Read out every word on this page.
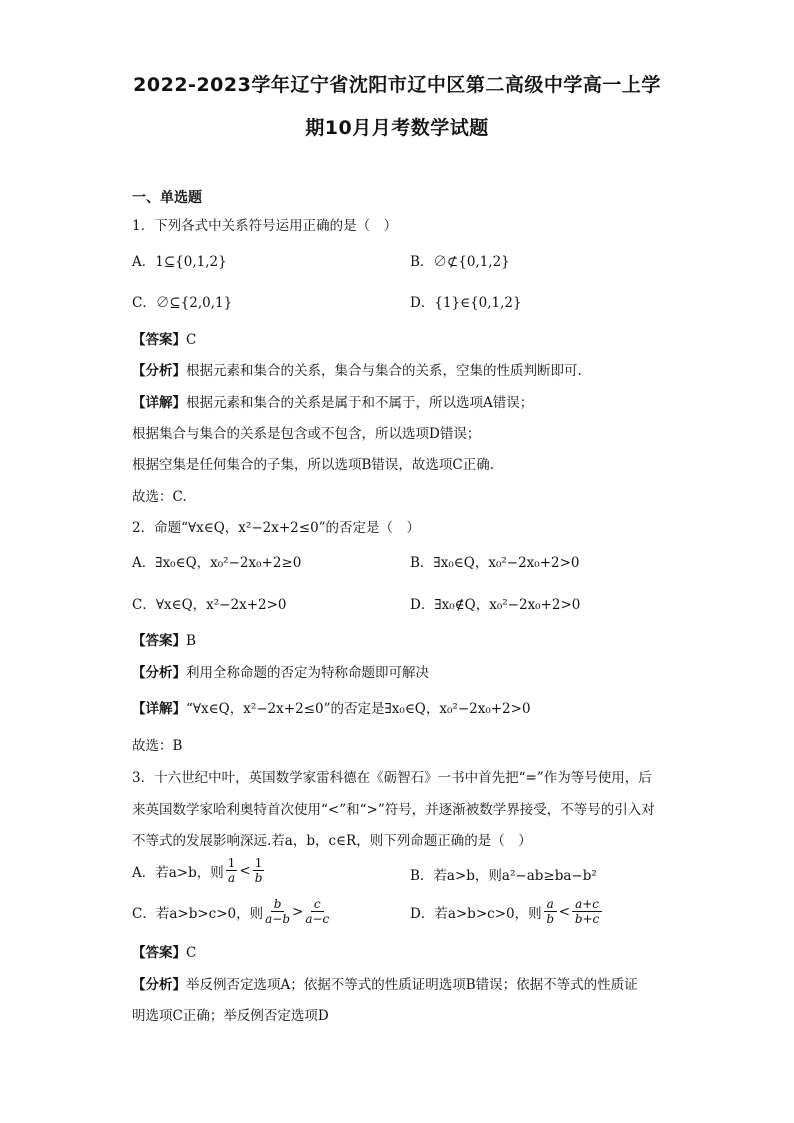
2022-2023学年辽宁省沈阳市辽中区第二高级中学高一上学
期10月月考数学试题
一、单选题
1．下列各式中关系符号运用正确的是（　）
A．1⊆{0,1,2}	B．∅⊄{0,1,2}
C．∅⊆{2,0,1}	D．{1}∈{0,1,2}
【答案】C
【分析】根据元素和集合的关系，集合与集合的关系，空集的性质判断即可.
【详解】根据元素和集合的关系是属于和不属于，所以选项A错误；
根据集合与集合的关系是包含或不包含，所以选项D错误；
根据空集是任何集合的子集，所以选项B错误，故选项C正确.
故选：C.
2．命题“∀x∈Q，x²−2x+2≤0”的否定是（　）
A．∃x₀∈Q，x₀²−2x₀+2≥0	B．∃x₀∈Q，x₀²−2x₀+2>0
C．∀x∈Q，x²−2x+2>0	D．∃x₀∉Q，x₀²−2x₀+2>0
【答案】B
【分析】利用全称命题的否定为特称命题即可解决
【详解】“∀x∈Q，x²−2x+2≤0”的否定是∃x₀∈Q，x₀²−2x₀+2>0
故选：B
3．十六世纪中叶，英国数学家雷科德在《砺智石》一书中首先把“=”作为等号使用，后
来英国数学家哈利奥特首次使用“<”和“>”符号，并逐渐被数学界接受，不等号的引入对
不等式的发展影响深远.若a，b，c∈R，则下列命题正确的是（　）
A．若a>b，则 $\frac{1}{a} < \frac{1}{b}$	B．若a>b，则a²−ab≥ba−b²
C．若a>b>c>0，则 $\frac{b}{a-b} > \frac{c}{a-c}$	D．若a>b>c>0，则 $\frac{a}{b} < \frac{a+c}{b+c}$
【答案】C
【分析】举反例否定选项A；依据不等式的性质证明选项B错误；依据不等式的性质证
明选项C正确；举反例否定选项D
